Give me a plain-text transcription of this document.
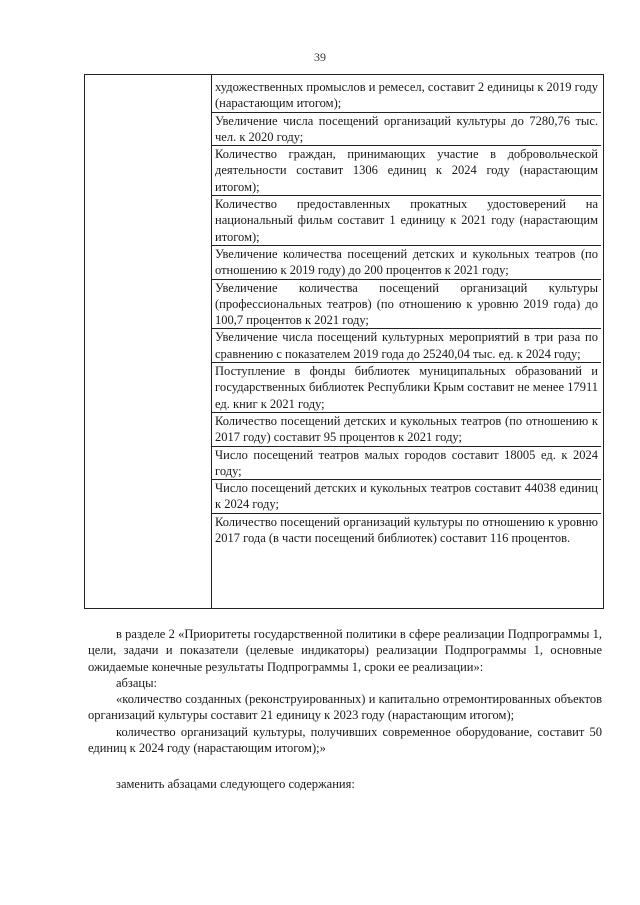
39

художественных промыслов и ремесел, составит 2 единицы к 2019 году (нарастающим итогом);

Увеличение числа посещений организаций культуры до 7280,76 тыс. чел. к 2020 году;

Количество граждан, принимающих участие в добровольческой деятельности составит 1306 единиц к 2024 году (нарастающим итогом);

Количество предоставленных прокатных удостоверений на национальный фильм составит 1 единицу к 2021 году (нарастающим итогом);

Увеличение количества посещений детских и кукольных театров (по отношению к 2019 году) до 200 процентов к 2021 году;

Увеличение количества посещений организаций культуры (профессиональных театров) (по отношению к уровню 2019 года) до 100,7 процентов к 2021 году;

Увеличение числа посещений культурных мероприятий в три раза по сравнению с показателем 2019 года до 25240,04 тыс. ед. к 2024 году;

Поступление в фонды библиотек муниципальных образований и государственных библиотек Республики Крым составит не менее 17911 ед. книг к 2021 году;

Количество посещений детских и кукольных театров (по отношению к 2017 году) составит 95 процентов к 2021 году;

Число посещений театров малых городов составит 18005 ед. к 2024 году;

Число посещений детских и кукольных театров составит 44038 единиц к 2024 году;

Количество посещений организаций культуры по отношению к уровню 2017 года (в части посещений библиотек) составит 116 процентов.

в разделе 2 «Приоритеты государственной политики в сфере реализации Подпрограммы 1, цели, задачи и показатели (целевые индикаторы) реализации Подпрограммы 1, основные ожидаемые конечные результаты Подпрограммы 1, сроки ее реализации»:

абзацы:

«количество созданных (реконструированных) и капитально отремонтированных объектов организаций культуры составит 21 единицу к 2023 году (нарастающим итогом);

количество организаций культуры, получивших современное оборудование, составит 50 единиц к 2024 году (нарастающим итогом);»

заменить абзацами следующего содержания:
